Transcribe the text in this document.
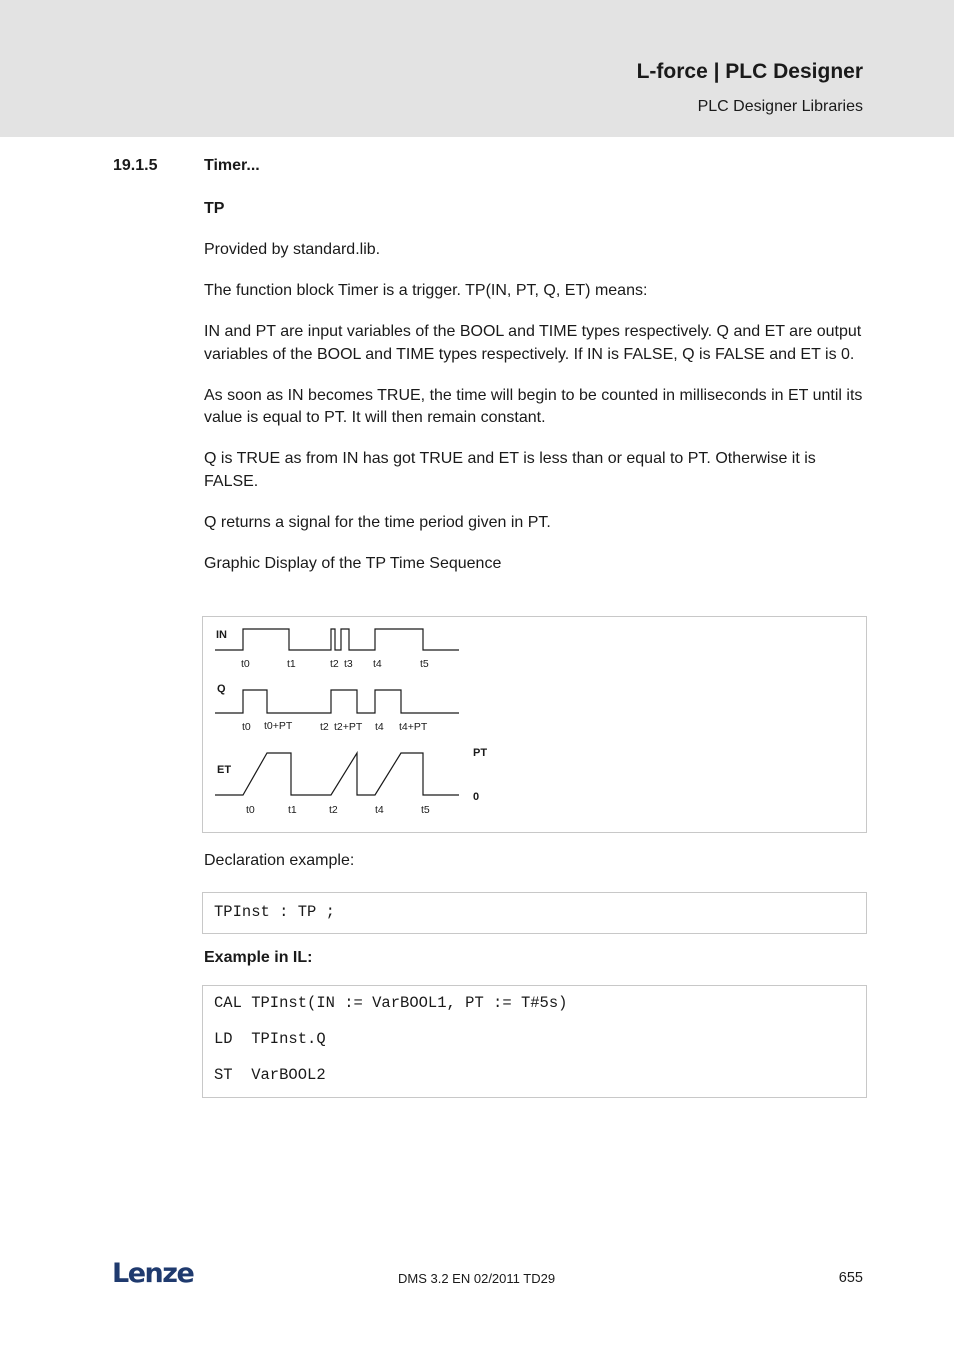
L-force | PLC Designer
PLC Designer Libraries
19.1.5	Timer...

TP

Provided by standard.lib.

The function block Timer is a trigger. TP(IN, PT, Q, ET) means:

IN and PT are input variables of the BOOL and TIME types respectively. Q and ET are output variables of the BOOL and TIME types respectively. If IN is FALSE, Q is FALSE and ET is 0.

As soon as IN becomes TRUE, the time will begin to be counted in milliseconds in ET until its value is equal to PT. It will then remain constant.

Q is TRUE as from IN has got TRUE and ET is less than or equal to PT. Otherwise it is FALSE.

Q returns a signal for the time period given in PT.

Graphic Display of the TP Time Sequence

IN
Q
ET
t0	t1	t2 t3 t4	t5
t0 t0+PT	t2 t2+PT t4 t4+PT
t0	t1	t2	t4	t5
PT
0
Declaration example:
TPInst : TP ;
Example in IL:
CAL TPInst(IN := VarBOOL1, PT := T#5s)
LD  TPInst.Q
ST  VarBOOL2
Lenze	DMS 3.2 EN 02/2011 TD29	655
